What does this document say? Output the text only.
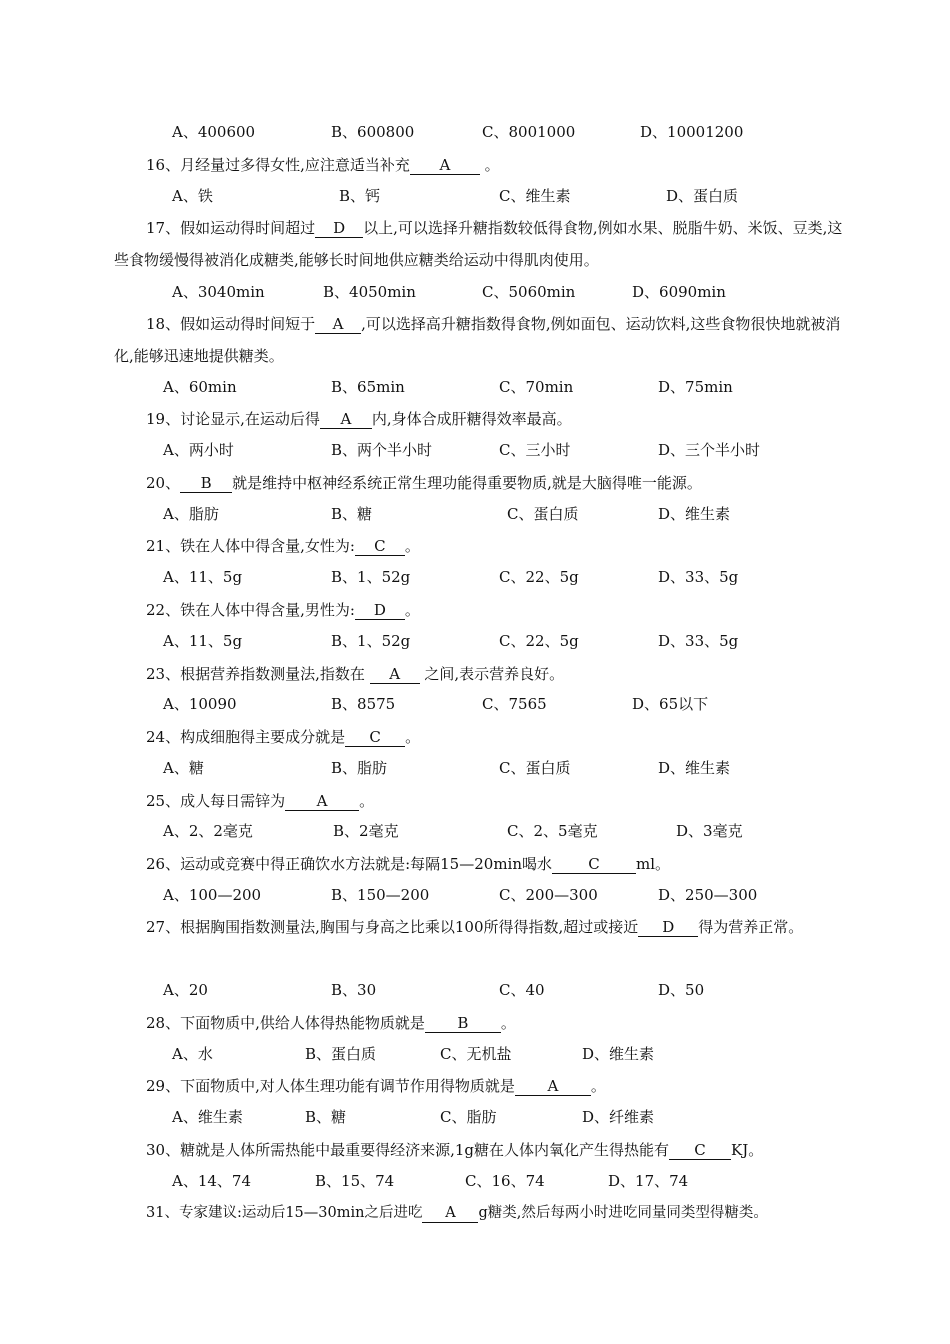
A、400600	B、600800	C、8001000	D、10001200
16、月经量过多得女性,应注意适当补充 A 。
A、铁	B、钙	C、维生素	D、蛋白质
17、假如运动得时间超过 D 以上,可以选择升糖指数较低得食物,例如水果、脱脂牛奶、米饭、豆类,这些食物缓慢得被消化成糖类,能够长时间地供应糖类给运动中得肌肉使用。
A、3040min	B、4050min	C、5060min	D、6090min
18、假如运动得时间短于 A ,可以选择高升糖指数得食物,例如面包、运动饮料,这些食物很快地就被消化,能够迅速地提供糖类。
A、60min	B、65min	C、70min	D、75min
19、讨论显示,在运动后得 A 内,身体合成肝糖得效率最高。
A、两小时	B、两个半小时	C、三小时	D、三个半小时
20、 B 就是维持中枢神经系统正常生理功能得重要物质,就是大脑得唯一能源。
A、脂肪	B、糖	C、蛋白质	D、维生素
21、铁在人体中得含量,女性为: C 。
A、11、5g	B、1、52g	C、22、5g	D、33、5g
22、铁在人体中得含量,男性为: D 。
A、11、5g	B、1、52g	C、22、5g	D、33、5g
23、根据营养指数测量法,指数在 A 之间,表示营养良好。
A、10090	B、8575	C、7565	D、65以下
24、构成细胞得主要成分就是 C 。
A、糖	B、脂肪	C、蛋白质	D、维生素
25、成人每日需锌为 A 。
A、2、2毫克	B、2毫克	C、2、5毫克	D、3毫克
26、运动或竞赛中得正确饮水方法就是:每隔15—20min喝水 C ml。
A、100—200	B、150—200	C、200—300	D、250—300
27、根据胸围指数测量法,胸围与身高之比乘以100所得得指数,超过或接近 D 得为营养正常。
A、20	B、30	C、40	D、50
28、下面物质中,供给人体得热能物质就是 B 。
A、水	B、蛋白质	C、无机盐	D、维生素
29、下面物质中,对人体生理功能有调节作用得物质就是 A 。
A、维生素	B、糖	C、脂肪	D、纤维素
30、糖就是人体所需热能中最重要得经济来源,1g糖在人体内氧化产生得热能有 C KJ。
A、14、74	B、15、74	C、16、74	D、17、74
31、专家建议:运动后15—30min之后进吃 A g糖类,然后每两小时进吃同量同类型得糖类。
